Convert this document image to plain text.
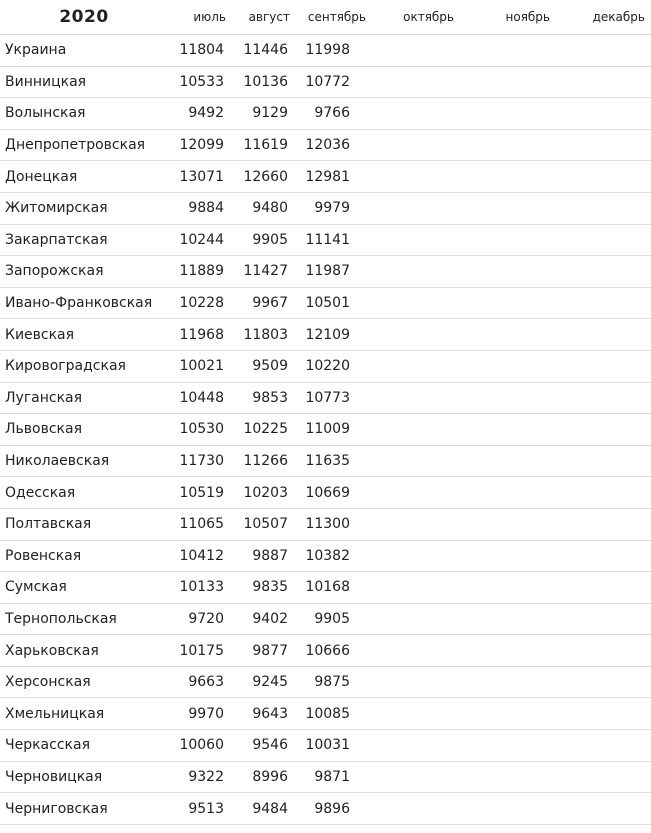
2020	июль	август	сентябрь	октябрь	ноябрь	декабрь
Украина	11804	11446	11998			
Винницкая	10533	10136	10772			
Волынская	9492	9129	9766			
Днепропетровская	12099	11619	12036			
Донецкая	13071	12660	12981			
Житомирская	9884	9480	9979			
Закарпатская	10244	9905	11141			
Запорожская	11889	11427	11987			
Ивано-Франковская	10228	9967	10501			
Киевская	11968	11803	12109			
Кировоградская	10021	9509	10220			
Луганская	10448	9853	10773			
Львовская	10530	10225	11009			
Николаевская	11730	11266	11635			
Одесская	10519	10203	10669			
Полтавская	11065	10507	11300			
Ровенская	10412	9887	10382			
Сумская	10133	9835	10168			
Тернопольская	9720	9402	9905			
Харьковская	10175	9877	10666			
Херсонская	9663	9245	9875			
Хмельницкая	9970	9643	10085			
Черкасская	10060	9546	10031			
Черновицкая	9322	8996	9871			
Черниговская	9513	9484	9896			
